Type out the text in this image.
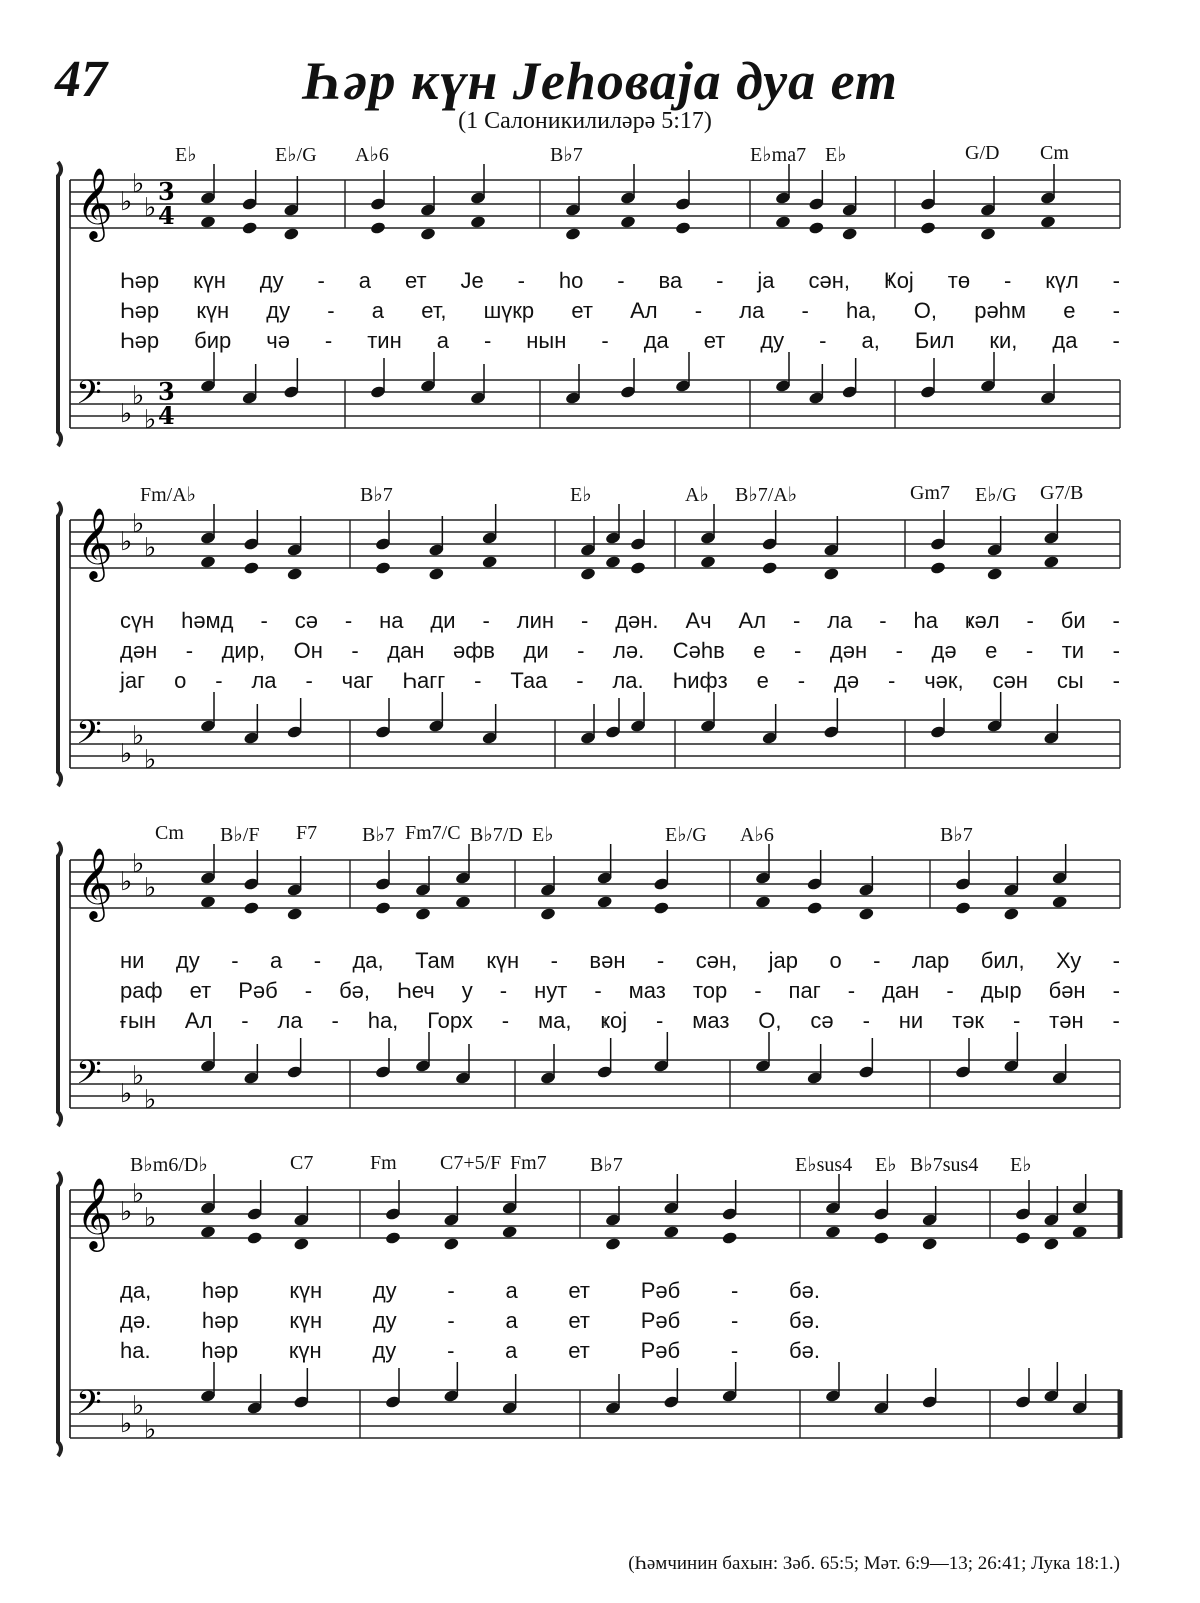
47	Һәр күн Јеһоваја дуа ет
(1 Салоникилиләрә 5:17)
𝄞 ♭
♭
♭
3
4
𝄢 ♭
♭
♭
3
4
E♭	E♭/G A♭6	B♭7	E♭ma7 E♭	G/D Cm
Һәр күн ду - а ет Је - һо - ва - ја сән, Ҝој тө - күл -
Һәр күн ду - а ет, шүкр ет Ал - ла - һа, О, рәһм е -
Һәр бир чә - тин а - нын - да ет ду - а, Бил ки, да -
𝄞 ♭
♭
♭
𝄢 ♭
♭
♭
Fm/A♭	B♭7	E♭	A♭ B♭7/A♭	Gm7 E♭/G G7/B
сүн һәмд - сә - на ди - лин - дән. Ач Ал - ла - һа ҝәл - би -
дән - дир, Он - дан әфв ди - лә. Сәһв е - дән - дә е - ти -
јаг о - ла - чаг Һагг - Таа - ла. Һифз е - дә - чәк, сән сы -
𝄞 ♭
♭
♭
𝄢 ♭
♭
♭
Cm B♭/F F7 B♭7 Fm7/C B♭7/D E♭	E♭/G A♭6	B♭7
ни ду - а - да, Там күн - вән - сән, јар о - лар бил, Ху -
раф ет Рәб - бә, Һеч у - нут - маз тор - паг - дан - дыр бән -
ғын Ал - ла - һа, Горх - ма, ҝој - маз О, сә - ни тәк - тән -
𝄞 ♭
♭
♭
𝄢 ♭
♭
♭
B♭m6/D♭	C7	Fm C7+5/F Fm7 B♭7	E♭sus4 E♭ B♭7sus4 E♭
да, һәр күн ду - а ет Рәб - бә.
дә. һәр күн ду - а ет Рәб - бә.
һа. һәр күн ду - а ет Рәб - бә.
(Һәмчинин бахын: Зәб. 65:5; Мәт. 6:9—13; 26:41; Лука 18:1.)
